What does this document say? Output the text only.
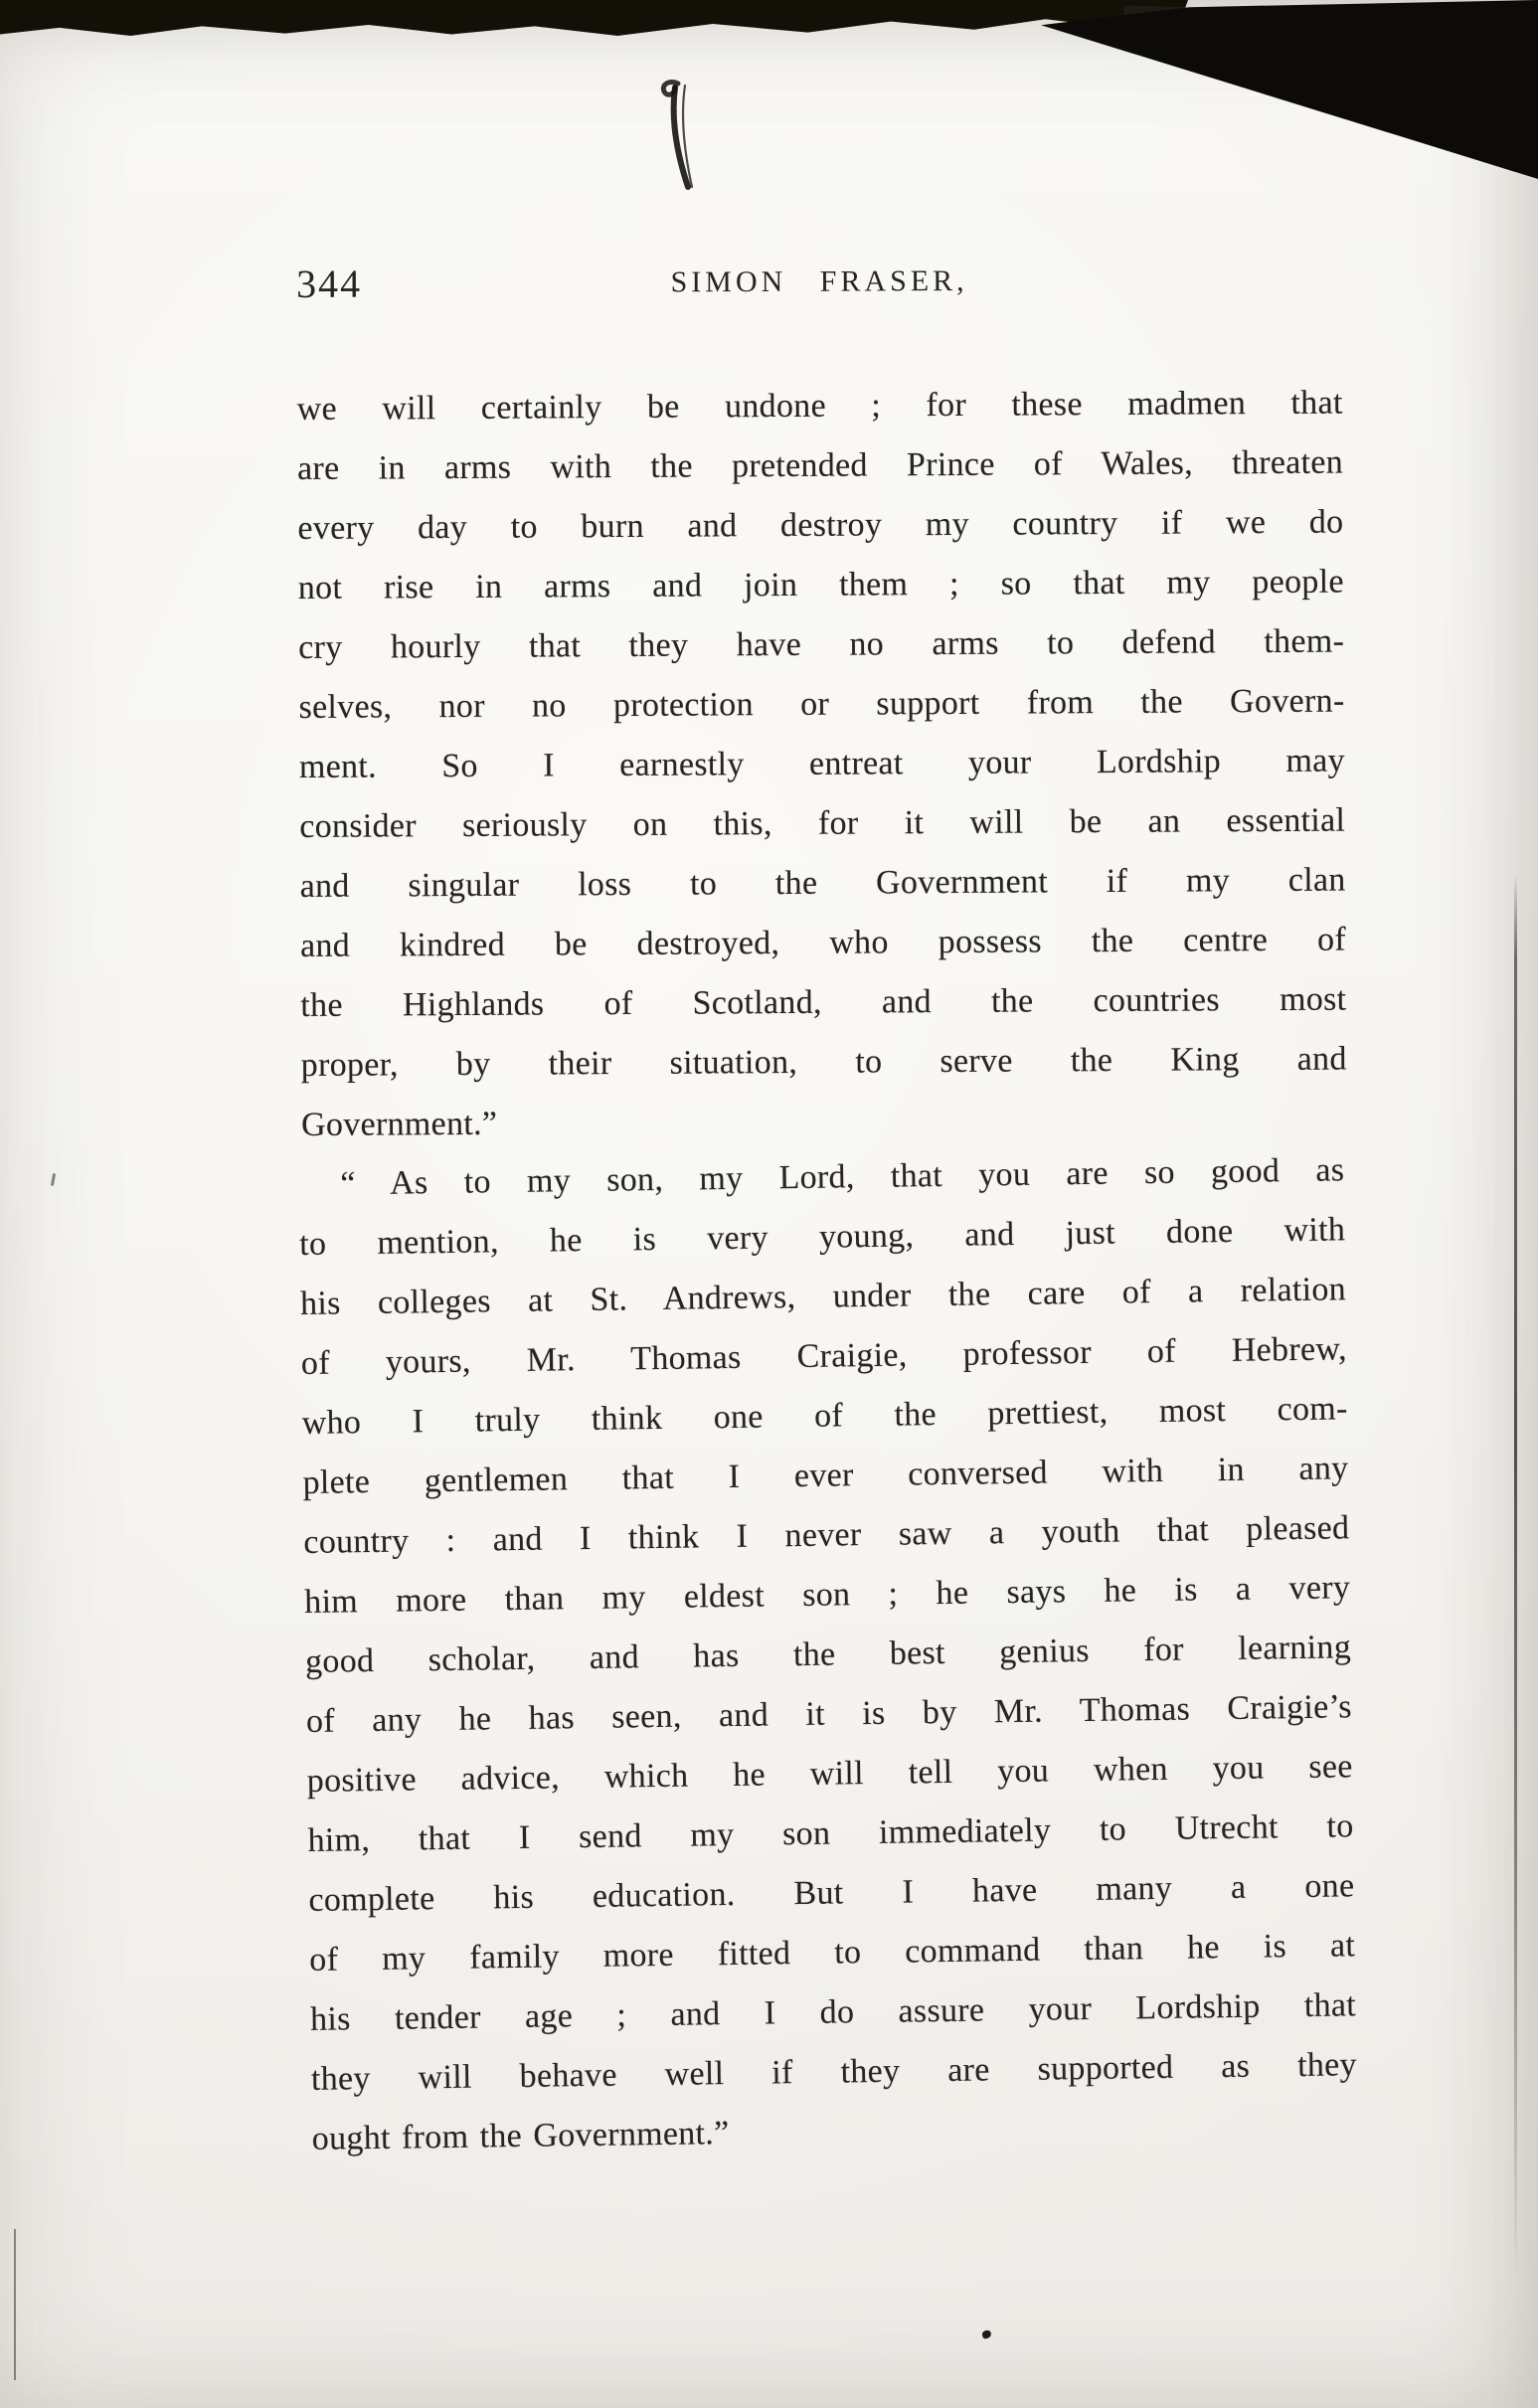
344	SIMON FRASER,
we will certainly be undone ; for these madmen that
are in arms with the pretended Prince of Wales, threaten
every day to burn and destroy my country if we do
not rise in arms and join them ; so that my people
cry hourly that they have no arms to defend them-
selves, nor no protection or support from the Govern-
ment. So I earnestly entreat your Lordship may
consider seriously on this, for it will be an essential
and singular loss to the Government if my clan
and kindred be destroyed, who possess the centre of
the Highlands of Scotland, and the countries most
proper, by their situation, to serve the King and
Government.”
“ As to my son, my Lord, that you are so good as
to mention, he is very young, and just done with
his colleges at St. Andrews, under the care of a relation
of yours, Mr. Thomas Craigie, professor of Hebrew,
who I truly think one of the prettiest, most com-
plete gentlemen that I ever conversed with in any
country : and I think I never saw a youth that pleased
him more than my eldest son ; he says he is a very
good scholar, and has the best genius for learning
of any he has seen, and it is by Mr. Thomas Craigie’s
positive advice, which he will tell you when you see
him, that I send my son immediately to Utrecht to
complete his education. But I have many a one
of my family more fitted to command than he is at
his tender age ; and I do assure your Lordship that
they will behave well if they are supported as they
ought from the Government.”
